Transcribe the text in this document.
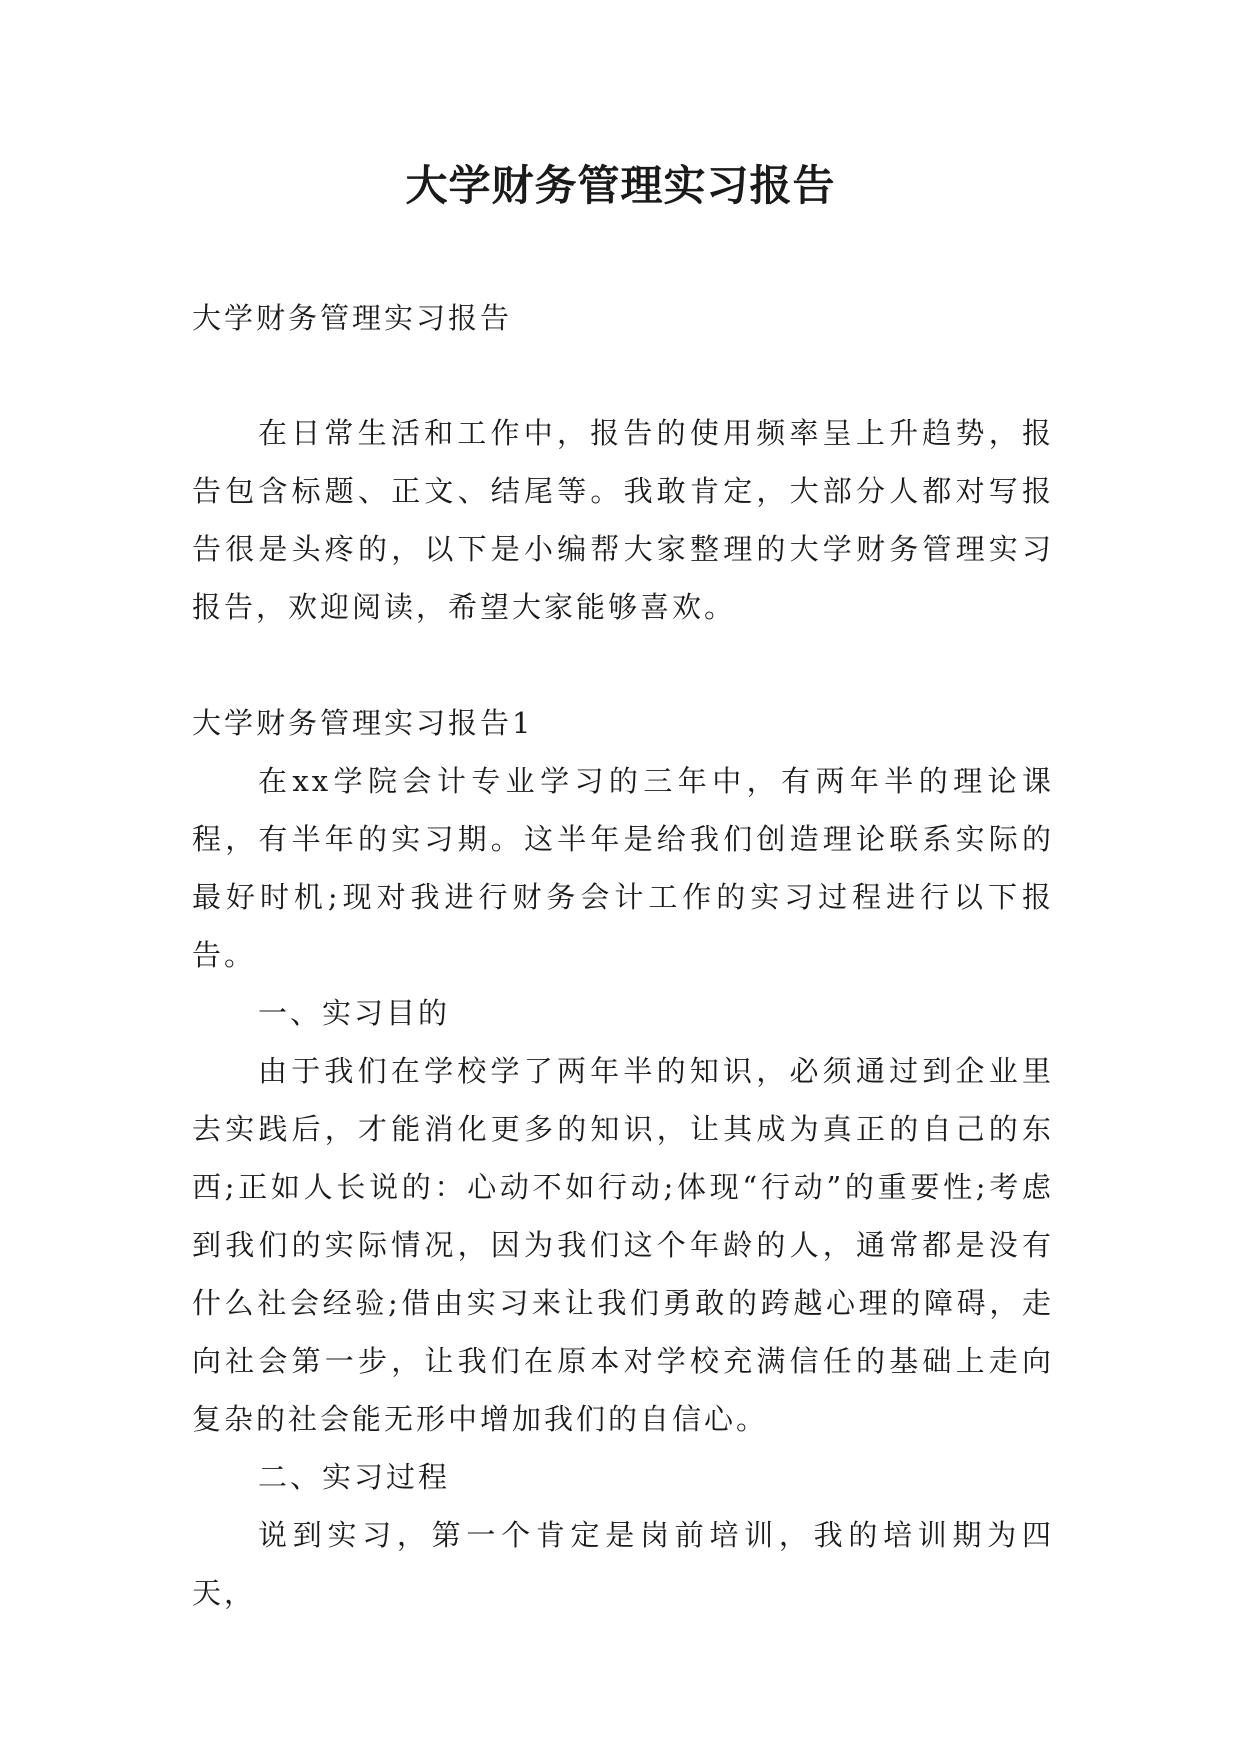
大学财务管理实习报告

大学财务管理实习报告

在日常生活和工作中，报告的使用频率呈上升趋势，报告包含标题、正文、结尾等。我敢肯定，大部分人都对写报告很是头疼的，以下是小编帮大家整理的大学财务管理实习报告，欢迎阅读，希望大家能够喜欢。

大学财务管理实习报告1

在xx学院会计专业学习的三年中，有两年半的理论课程，有半年的实习期。这半年是给我们创造理论联系实际的最好时机;现对我进行财务会计工作的实习过程进行以下报告。

一、实习目的

由于我们在学校学了两年半的知识，必须通过到企业里去实践后，才能消化更多的知识，让其成为真正的自己的东西;正如人长说的：心动不如行动;体现“行动”的重要性;考虑到我们的实际情况，因为我们这个年龄的人，通常都是没有什么社会经验;借由实习来让我们勇敢的跨越心理的障碍，走向社会第一步，让我们在原本对学校充满信任的基础上走向复杂的社会能无形中增加我们的自信心。

二、实习过程

说到实习，第一个肯定是岗前培训，我的培训期为四天，
